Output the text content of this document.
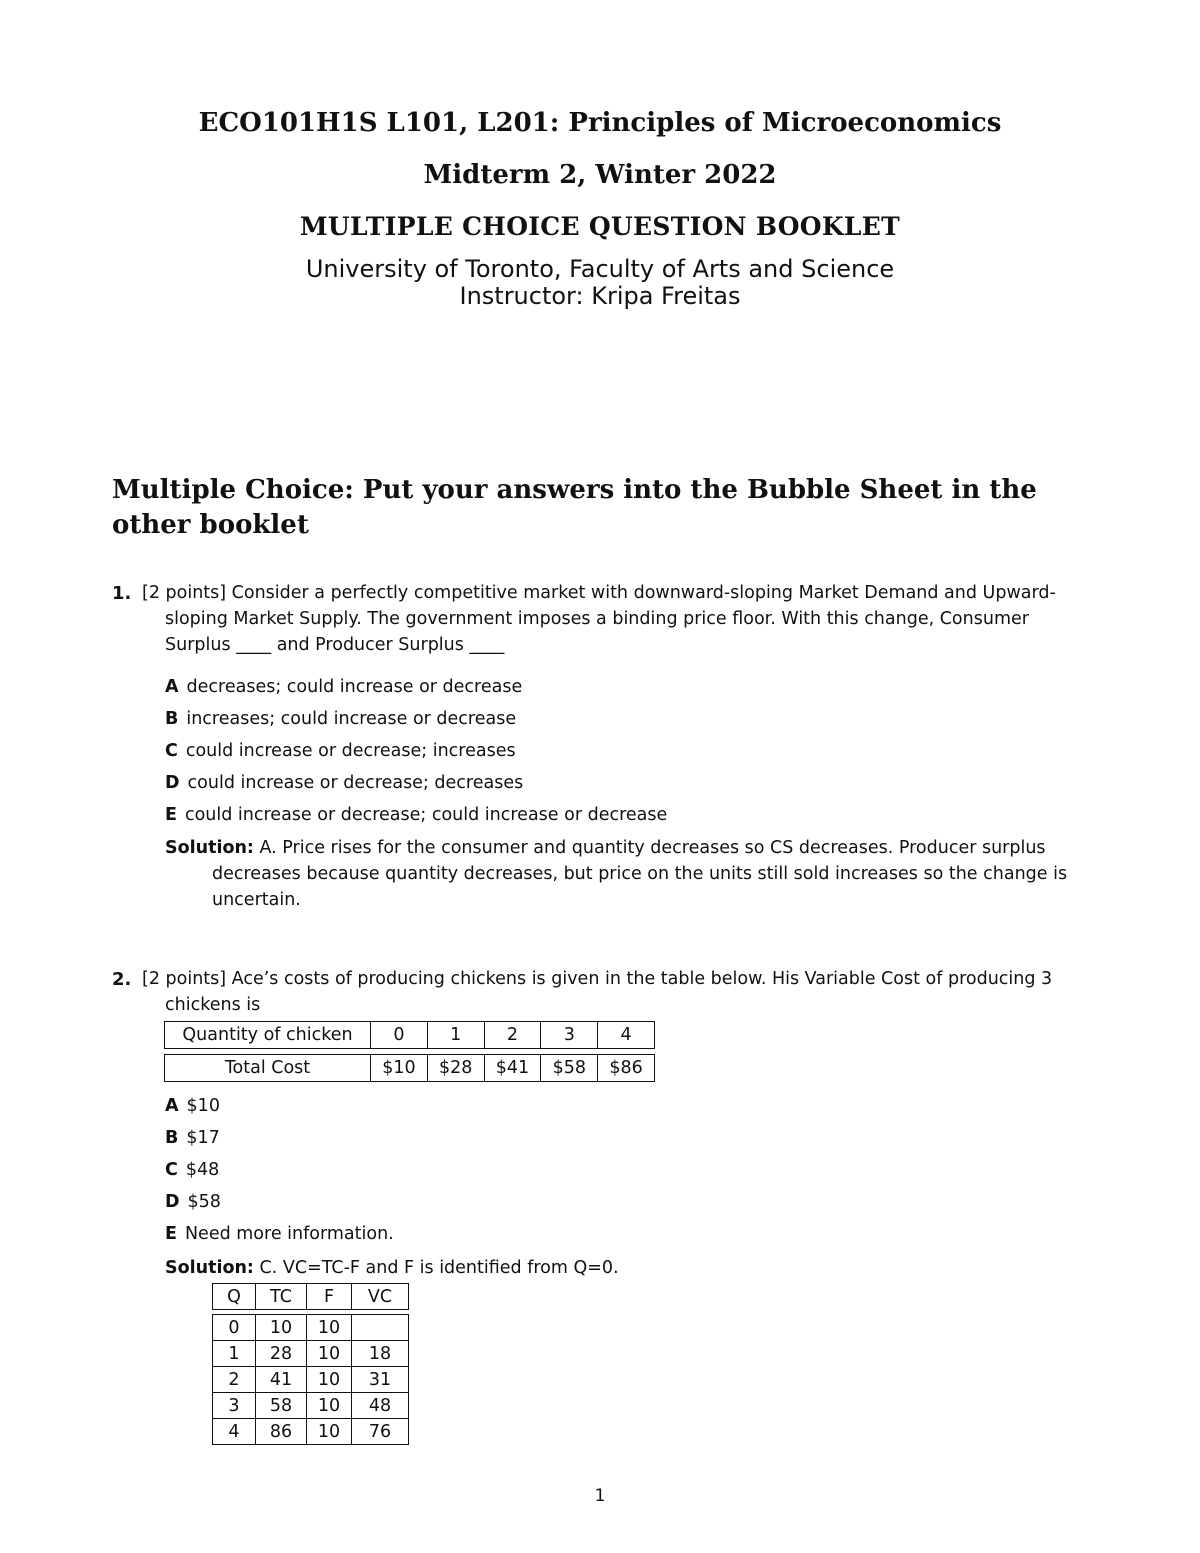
ECO101H1S L101, L201: Principles of Microeconomics
Midterm 2, Winter 2022
MULTIPLE CHOICE QUESTION BOOKLET
University of Toronto, Faculty of Arts and Science
Instructor: Kripa Freitas
Multiple Choice: Put your answers into the Bubble Sheet in the other booklet
1. [2 points] Consider a perfectly competitive market with downward-sloping Market Demand and Upward-sloping Market Supply. The government imposes a binding price floor. With this change, Consumer Surplus ____ and Producer Surplus ____
A decreases; could increase or decrease
B increases; could increase or decrease
C could increase or decrease; increases
D could increase or decrease; decreases
E could increase or decrease; could increase or decrease
Solution: A. Price rises for the consumer and quantity decreases so CS decreases. Producer surplus decreases because quantity decreases, but price on the units still sold increases so the change is uncertain.
2. [2 points] Ace’s costs of producing chickens is given in the table below. His Variable Cost of producing 3 chickens is
Quantity of chicken	0	1	2	3	4

Total Cost	$10	$28	$41	$58	$86
A $10
B $17
C $48
D $58
E Need more information.
Solution: C. VC=TC-F and F is identified from Q=0.
Q	TC	F	VC

0	10	10	
1	28	10	18
2	41	10	31
3	58	10	48
4	86	10	76
1
